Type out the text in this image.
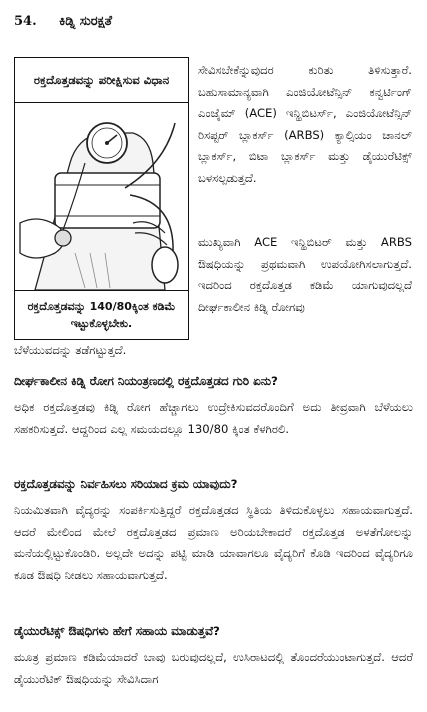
54. ಕಿಡ್ನಿ ಸುರಕ್ಷತೆ
ರಕ್ತದೊತ್ತಡವನ್ನು ಪರೀಕ್ಷಿಸುವ ವಿಧಾನ
ರಕ್ತದೊತ್ತಡವನ್ನು 140/80ಕ್ಕಿಂತ ಕಡಿಮೆ ಇಟ್ಟುಕೊಳ್ಳಬೇಕು.

ಸೇವಿಸಬೇಕೆನ್ನುವುದರ ಕುರಿತು ತಿಳಿಸುತ್ತಾರೆ. ಬಹುಸಾಮಾನ್ಯವಾಗಿ ಎಂಜಿಯೋಟೆನ್ಸಿನ್ ಕನ್ವರ್ಟಿಂಗ್ ಎಂಜೈಮ್ (ACE) ಇನ್ಹಿಬಿಟರ್ಸ್, ಎಂಜಿಯೋಟೆನ್ಸಿನ್ ರಿಸಪ್ಟರ್ ಬ್ಲಾಕರ್ಸ್ (ARBS) ಕ್ಯಾಲ್ಸಿಯಂ ಚಾನಲ್ ಬ್ಲಾಕರ್ಸ್, ಬಿಟಾ ಬ್ಲಾಕರ್ಸ್ ಮತ್ತು ಡೈಯುರೆಟಿಕ್ಸ್ ಬಳಸಲ್ಪಡುತ್ತದೆ.

ಮುಖ್ಯವಾಗಿ ACE ಇನ್ಹಿಬಿಟರ್ ಮತ್ತು ARBS ಔಷಧಿಯನ್ನು ಪ್ರಥಮವಾಗಿ ಉಪಯೋಗಿಸಲಾಗುತ್ತದೆ. ಇದರಿಂದ ರಕ್ತದೊತ್ತಡ ಕಡಿಮೆ ಯಾಗುವುದಲ್ಲದೆ ದೀರ್ಘಕಾಲೀನ ಕಿಡ್ನಿ ರೋಗವು

ಬೆಳೆಯುವದನ್ನು ತಡೆಗಟ್ಟುತ್ತದೆ.

ದೀರ್ಘಕಾಲೀನ ಕಿಡ್ನಿ ರೋಗ ನಿಯಂತ್ರಣದಲ್ಲಿ ರಕ್ತದೊತ್ತಡದ ಗುರಿ ಏನು?

ಅಧಿಕ ರಕ್ತದೊತ್ತಡವು ಕಿಡ್ನಿ ರೋಗ ಹೆಚ್ಚಾಗಲು ಉದ್ರೇಕಿಸುವದರೊಂದಿಗೆ ಅದು ತೀವ್ರವಾಗಿ ಬೆಳೆಯಲು ಸಹಕರಿಸುತ್ತದೆ. ಆದ್ದರಿಂದ ಎಲ್ಲ ಸಮಯದಲ್ಲೂ 130/80 ಕ್ಕಿಂತ ಕೆಳಗಿರಲಿ.

ರಕ್ತದೊತ್ತಡವನ್ನು ನಿರ್ವಹಿಸಲು ಸರಿಯಾದ ಕ್ರಮ ಯಾವುದು?

ನಿಯಮಿತವಾಗಿ ವೈದ್ಯರನ್ನು ಸಂಪರ್ಕಿಸುತ್ತಿದ್ದರೆ ರಕ್ತದೊತ್ತಡದ ಸ್ಥಿತಿಯ ತಿಳಿದುಕೊಳ್ಳಲು ಸಹಾಯವಾಗುತ್ತದೆ. ಆದರೆ ಮೇಲಿಂದ ಮೇಲೆ ರಕ್ತದೊತ್ತಡದ ಪ್ರಮಾಣ ಅರಿಯಬೇಕಾದರೆ ರಕ್ತದೊತ್ತಡ ಅಳತೆಗೋಲನ್ನು ಮನೆಯಲ್ಲಿಟ್ಟುಕೊಂಡಿರಿ. ಅಲ್ಲದೇ ಅದನ್ನು ಪಟ್ಟಿ ಮಾಡಿ ಯಾವಾಗಲೂ ವೈದ್ಯರಿಗೆ ಕೊಡಿ ಇದರಿಂದ ವೈದ್ಯರಿಗೂ ಕೂಡ ಔಷಧಿ ನೀಡಲು ಸಹಾಯವಾಗುತ್ತದೆ.

ಡೈಯುರೆಟಿಕ್ಸ್ ಔಷಧಿಗಳು ಹೇಗೆ ಸಹಾಯ ಮಾಡುತ್ತವೆ?

ಮೂತ್ರ ಪ್ರಮಾಣ ಕಡಿಮೆಯಾದರೆ ಬಾವು ಬರುವುದಲ್ಲದೆ, ಉಸಿರಾಟದಲ್ಲಿ ತೊಂದರೆಯುಂಟಾಗುತ್ತದೆ. ಆದರೆ ಡೈಯುರೆಟಿಕ್ ಔಷಧಿಯನ್ನು ಸೇವಿಸಿದಾಗ
